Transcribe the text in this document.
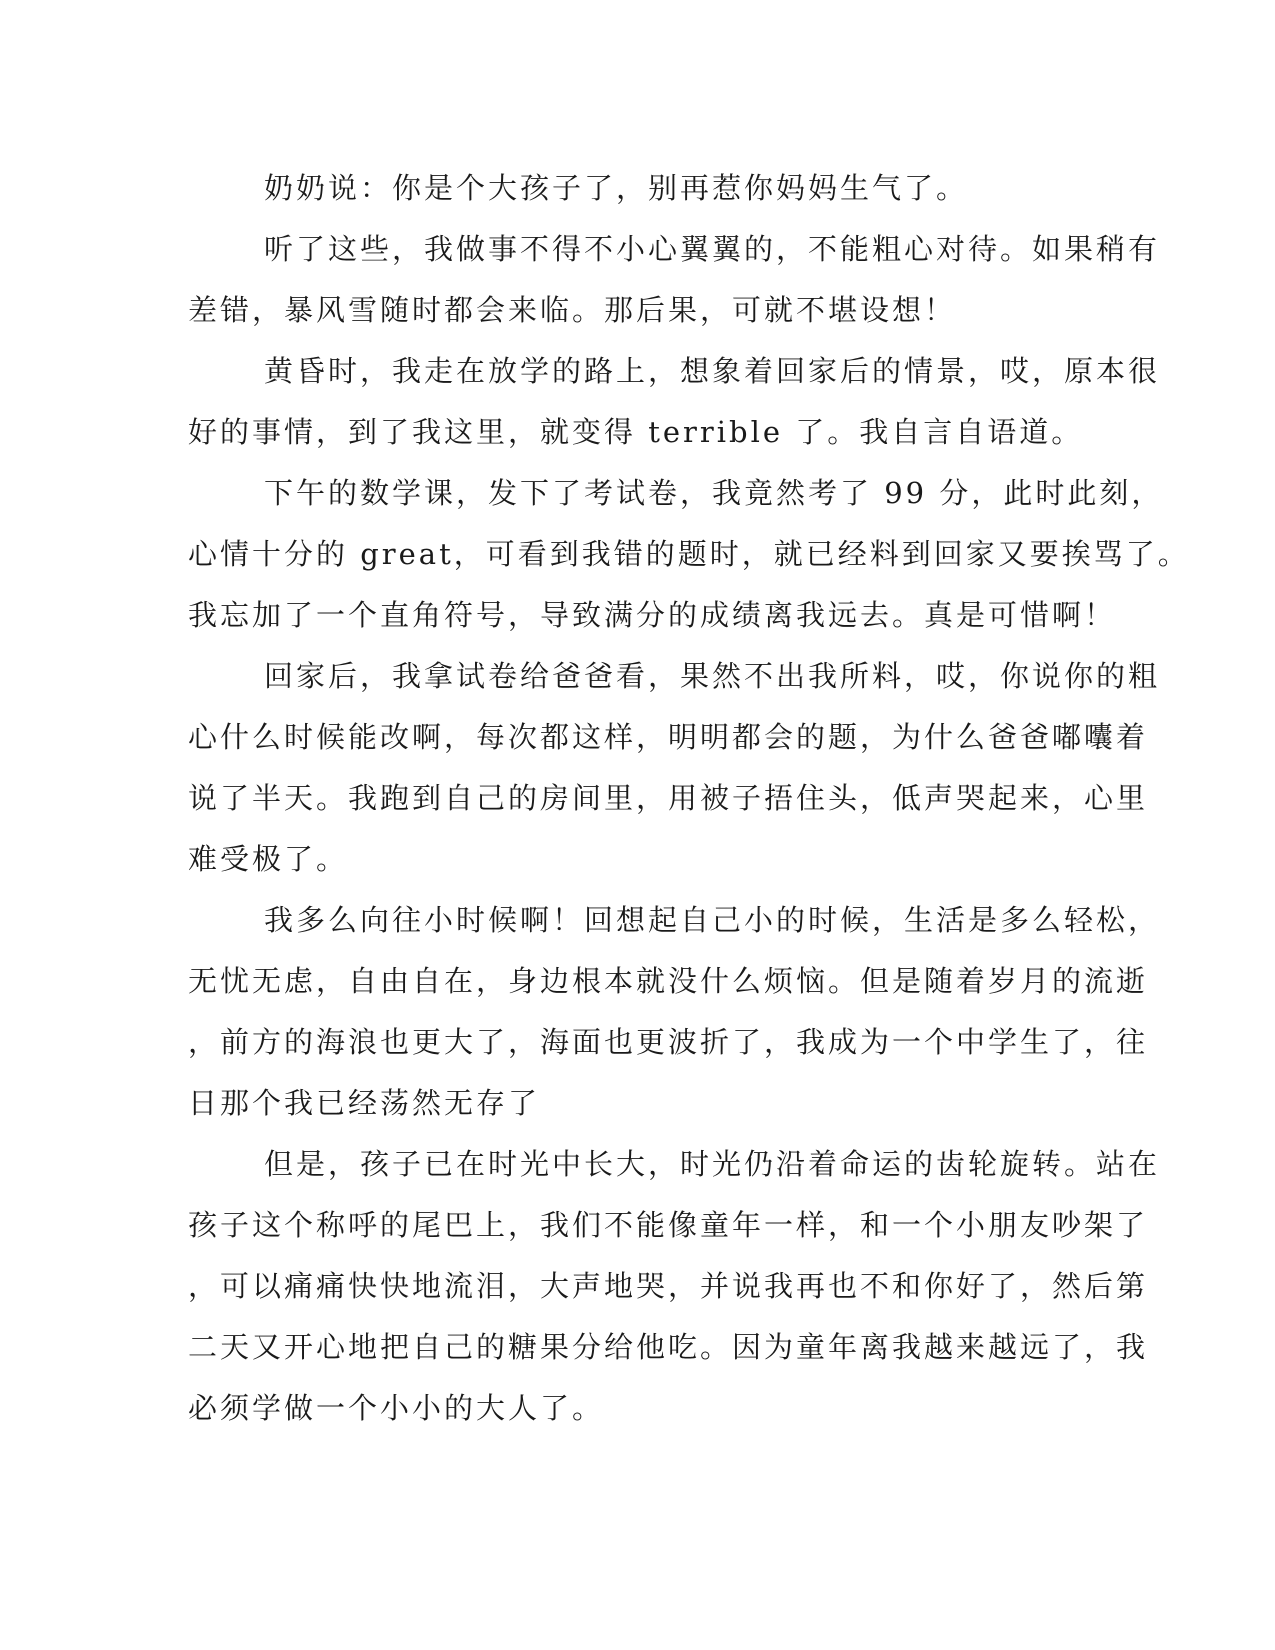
奶奶说：你是个大孩子了，别再惹你妈妈生气了。
听了这些，我做事不得不小心翼翼的，不能粗心对待。如果稍有
差错，暴风雪随时都会来临。那后果，可就不堪设想！
黄昏时，我走在放学的路上，想象着回家后的情景，哎，原本很
好的事情，到了我这里，就变得 terrible 了。我自言自语道。
下午的数学课，发下了考试卷，我竟然考了 99 分，此时此刻，
心情十分的 great，可看到我错的题时，就已经料到回家又要挨骂了。
我忘加了一个直角符号，导致满分的成绩离我远去。真是可惜啊！
回家后，我拿试卷给爸爸看，果然不出我所料，哎，你说你的粗
心什么时候能改啊，每次都这样，明明都会的题，为什么爸爸嘟囔着
说了半天。我跑到自己的房间里，用被子捂住头，低声哭起来，心里
难受极了。
我多么向往小时候啊！回想起自己小的时候，生活是多么轻松，
无忧无虑，自由自在，身边根本就没什么烦恼。但是随着岁月的流逝
，前方的海浪也更大了，海面也更波折了，我成为一个中学生了，往
日那个我已经荡然无存了
但是，孩子已在时光中长大，时光仍沿着命运的齿轮旋转。站在
孩子这个称呼的尾巴上，我们不能像童年一样，和一个小朋友吵架了
，可以痛痛快快地流泪，大声地哭，并说我再也不和你好了，然后第
二天又开心地把自己的糖果分给他吃。因为童年离我越来越远了，我
必须学做一个小小的大人了。
